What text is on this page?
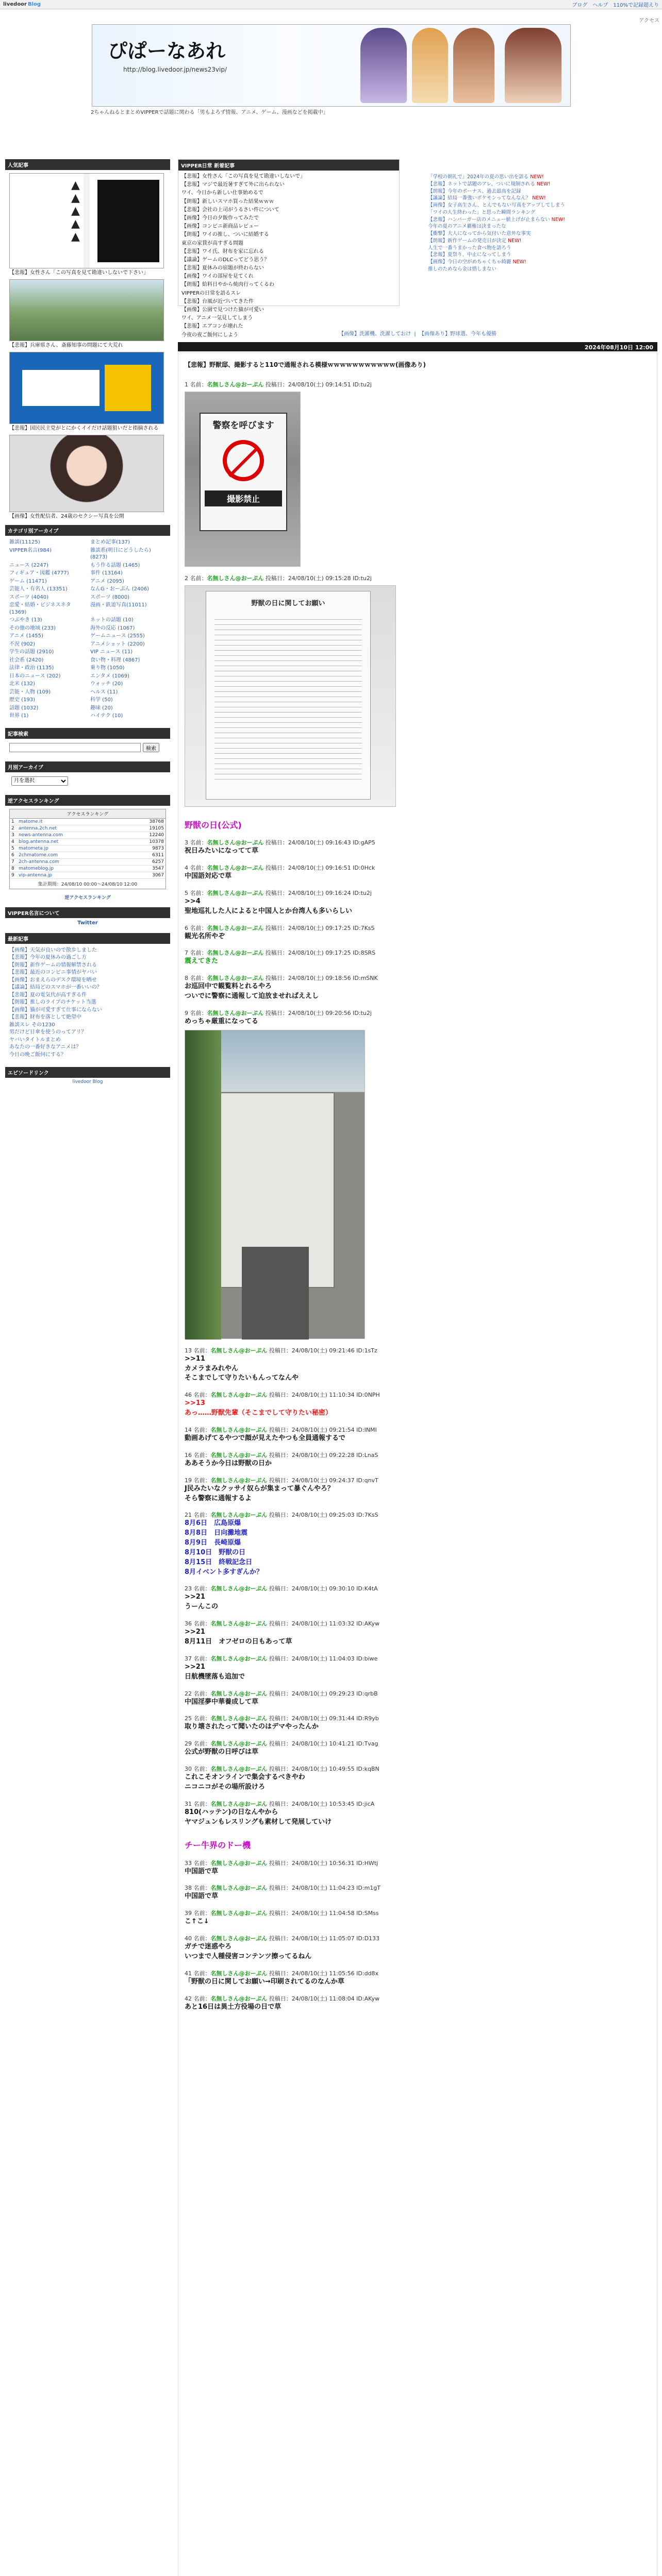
livedoor Blog	ブログ ヘルプ 110%で記録超えり
アクセス
ぴぱーなあれ
http://blog.livedoor.jp/news23vip/
2ちゃんねるとまとめVIPPERで話題に関わる「男もよろず情報、アニメ、ゲーム、漫画などを掲載中」
人気記事
▲▲▲▲▲
【悲報】女性さん「この写真を見て勘違いしないで下さい」
【悲報】兵庫県さん、斎藤知事の問題にて大荒れ
【悲報】国民民主党がとにかくイイだけ話題狙いだと指摘される
【画像】女性配信者、24歳のセクシー写真を公開
カテゴリ別アーカイブ
雑談(11125)	まとめ記事(137)
VIPPER名言(984)	雑談系(明日にどうしたら)(8273)
ニュース (2247)	もう作る話題 (1465)
フィギュア・図鑑 (4777)	事件 (13164)
ゲーム (11471)	アニメ (2095)
芸能人・有名人 (13351)	なんG・おーぷん (2406)
スポーツ (4040)	スポーツ (8000)
恋愛・結婚・ビジネスネタ (1369)
漫画・鉄道写真(11011)
つぶやき (13)	ネットの話題 (10)
その他の地域 (233)	海外の反応 (1067)
アニメ (1455)	ゲームニュース (2555)
不況 (902)	アニメショット (2200)
学生の話題 (2910)	VIP ニュース (11)
社会系 (2420)	食い物・料理 (4867)
法律・政治 (1135)	乗り物 (1050)
日本のニュース (202)	エンタメ (1069)
北米 (132)	ウォッチ (20)
芸能・人物 (109)	ヘルス (11)
歴史 (193)	科学 (50)
話題 (1032)	趣味 (20)
世界 (1)	ハイテク (10)
記事検索
検索
月別アーカイブ
月を選択
逆アクセスランキング
アクセスランキング
1 matome.it	38768
2 antenna.2ch.net	19105
3 news-antenna.com	12240
4 blog.antenna.net	10378
5 matometa.jp	9873
6 2chmatome.com	6311
7 2ch-antenna.com	6257
8 matomeblog.jp	3547
9 vip-antenna.jp	3067
集計期間：24/08/10 00:00〜24/08/10 12:00
逆アクセスランキング
VIPPER名言について
Twitter
最新記事
【画像】天気が良いので散歩しました
【悲報】今年の夏休みの過ごし方
【朗報】新作ゲームの情報解禁される
【悲報】最近のコンビニ事情がヤバい
【画像】おまえらのデスク環境を晒せ
【議論】結局どのスマホが一番いいの？
【悲報】夏の電気代が高すぎる件
【朗報】推しのライブのチケット当選
【画像】猫が可愛すぎて仕事にならない
【悲報】財布を落として絶望中
雑談スレ その1230
男だけど日傘を使うのってアリ？
ヤバいタイトルまとめ
あなたの一番好きなアニメは？
今日の晩ご飯何にする？
エピソードリンク
livedoor Blog
VIPPER日常 新着記事
【悲報】女性さん「この写真を見て勘違いしないで」
【悲報】マジで最近暑すぎて外に出られない
ワイ、今日から新しい仕事始めるで
【朗報】新しいスマホ買った結果ｗｗｗ
【悲報】会社の上司がうるさい件について
【画像】今日の夕飯作ってみたで
【画像】コンビニ新商品レビュー
【朗報】ワイの推し、ついに結婚する
東京の家賃が高すぎる問題
【悲報】ワイ氏、財布を家に忘れる
【議論】ゲームのDLCってどう思う？
【悲報】夏休みの宿題が終わらない
【画像】ワイの部屋を見てくれ
【朗報】給料日やから焼肉行ってくるわ
VIPPERの日常を語るスレ
【悲報】台風が近づいてきた件
【画像】公園で見つけた猫が可愛い
ワイ、アニメ一気見してしまう
【悲報】エアコンが壊れた
今夜の夜ご飯何にしよう
「学校の朝礼で」2024年の夏の思い出を語る NEW!
【悲報】ネットで話題のアレ、ついに規制される NEW!
【朗報】今年のボーナス、過去最高を記録
【議論】結局一番強いポケモンってなんなん？ NEW!
【画像】女子高生さん、とんでもない写真をアップしてしまう
「ワイの人生終わった」と思った瞬間ランキング
【悲報】ハンバーガー店のメニュー値上げが止まらない NEW!
今年の夏のアニメ覇権は決まったな
【衝撃】大人になってから気付いた意外な事実
【朗報】新作ゲームの発売日が決定 NEW!
人生で一番うまかった食べ物を語ろう
【悲報】夏祭り、中止になってしまう
【画像】今日の空がめちゃくちゃ綺麗 NEW!
推しのためなら金は惜しまない
【画像】洗濯機、洗濯しておけ  |  【画像あり】野球選、今年も優勝
2024年08月10日 12:00
【悲報】野獣邸、撮影すると110で通報される模様ｗｗｗｗｗｗｗｗｗｗｗ(画像あり)
1 名前：名無しさん@おーぷん 投稿日：24/08/10(土) 09:14:51 ID:tu2j
警察を呼びます
撮影禁止
2 名前：名無しさん@おーぷん 投稿日：24/08/10(土) 09:15:28 ID:tu2j
野獣の日に関してお願い
野獣の日(公式)
3 名前：名無しさん@おーぷん 投稿日：24/08/10(土) 09:16:43 ID:gAP5
祝日みたいになってて草
4 名前：名無しさん@おーぷん 投稿日：24/08/10(土) 09:16:51 ID:0Hck
中国語対応で草
5 名前：名無しさん@おーぷん 投稿日：24/08/10(土) 09:16:24 ID:tu2j
>>4
聖地巡礼した人によると中国人とか台湾人も多いらしい
6 名前：名無しさん@おーぷん 投稿日：24/08/10(土) 09:17:25 ID:7KsS
観光名所やぞ
7 名前：名無しさん@おーぷん 投稿日：24/08/10(土) 09:17:25 ID:8SRS
震えてきた
8 名前：名無しさん@おーぷん 投稿日：24/08/10(土) 09:18:56 ID:mSNK
お巡回中で観覧料とれるやろ
ついでに警察に通報して迫放ませればええし
9 名前：名無しさん@おーぷん 投稿日：24/08/10(土) 09:20:56 ID:tu2j
めっちゃ厳重になってる
13 名前：名無しさん@おーぷん 投稿日：24/08/10(土) 09:21:46 ID:1sTz
>>11
カメラまみれやん
そこまでして守りたいもんってなんや
46 名前：名無しさん@おーぷん 投稿日：24/08/10(土) 11:10:34 ID:0NPH
>>13
あっ……野獣先輩（そこまでして守りたい秘密）
14 名前：名無しさん@おーぷん 投稿日：24/08/10(土) 09:21:54 ID:INMI
動画あげてるやつで顔が見えたやつも全員通報するで
16 名前：名無しさん@おーぷん 投稿日：24/08/10(土) 09:22:28 ID:LnaS
ああそうか今日は野獣の日か
19 名前：名無しさん@おーぷん 投稿日：24/08/10(土) 09:24:37 ID:qnvT
J民みたいなクッサイ奴らが集まって暴ぐんやろ？
そら警察に通報するよ
21 名前：名無しさん@おーぷん 投稿日：24/08/10(土) 09:25:03 ID:7KsS
8月6日　広島原爆
8月8日　日向灘地震
8月9日　長崎原爆
8月10日　野獣の日
8月15日　終戦記念日
8月イベント多すぎんか？
23 名前：名無しさん@おーぷん 投稿日：24/08/10(土) 09:30:10 ID:K4tA
>>21
うーんこの
36 名前：名無しさん@おーぷん 投稿日：24/08/10(土) 11:03:32 ID:AKyw
>>21
8月11日　オフゼロの日もあって草
37 名前：名無しさん@おーぷん 投稿日：24/08/10(土) 11:04:03 ID:biwe
>>21
日航機墜落も追加で
22 名前：名無しさん@おーぷん 投稿日：24/08/10(土) 09:29:23 ID:qrbB
中国淫夢中華養成して草
25 名前：名無しさん@おーぷん 投稿日：24/08/10(土) 09:31:44 ID:R9yb
取り壊されたって聞いたのはデマやったんか
29 名前：名無しさん@おーぷん 投稿日：24/08/10(土) 10:41:21 ID:Tvag
公式が野獣の日呼びは草
30 名前：名無しさん@おーぷん 投稿日：24/08/10(土) 10:49:55 ID:kqBN
これこそオンラインで集会するべきやわ
ニコニコがその場所設けろ
31 名前：名無しさん@おーぷん 投稿日：24/08/10(土) 10:53:45 ID:jicA
810(ハッテン)の日なんやから
ヤマジュンもレスリングも素材して発展していけ
チー牛界のドー機
33 名前：名無しさん@おーぷん 投稿日：24/08/10(土) 10:56:31 ID:HWtj
中国語で草
38 名前：名無しさん@おーぷん 投稿日：24/08/10(土) 11:04:23 ID:m1gT
中国語で草
39 名前：名無しさん@おーぷん 投稿日：24/08/10(土) 11:04:58 ID:SMss
こ↑こ↓
40 名前：名無しさん@おーぷん 投稿日：24/08/10(土) 11:05:07 ID:D133
ガチで迷惑やろ
いつまで人種侵害コンテンツ擦ってるねん
41 名前：名無しさん@おーぷん 投稿日：24/08/10(土) 11:05:56 ID:dd8x
「野獣の日に関してお願い→印刷されてるのなんか草
42 名前：名無しさん@おーぷん 投稿日：24/08/10(土) 11:08:04 ID:AKyw
あと16日は異土方役場の日で草
